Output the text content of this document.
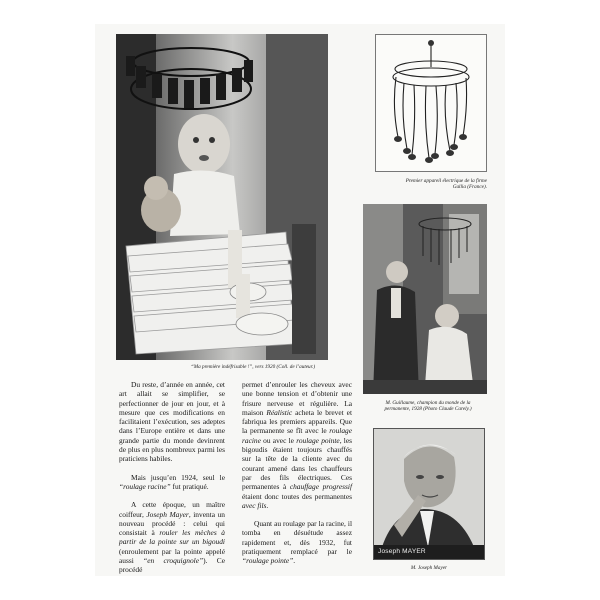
“Ma première indéfrisable !”, vers 1920 (Coll. de l’auteur.)
Premier appareil électrique de la firme
Gallia (France).
M. Guillaume, champion du monde de la
permanente, 1928 (Photo Claude Carely.)
Joseph MAYER
M. Joseph Mayer

Du reste, d’année en année, cet art allait se simplifier, se perfectionner de jour en jour, et à mesure que ces modifications en facilitaient l’exécution, ses adeptes dans l’Europe entière et dans une grande partie du monde devinrent de plus en plus nombreux parmi les praticiens habiles.

Mais jusqu’en 1924, seul le “roulage racine” fut pratiqué.

A cette époque, un maître coiffeur, Joseph Mayer, inventa un nouveau procédé : celui qui consistait à rouler les mèches à partir de la pointe sur un bigoudi (enroulement par la pointe appelé aussi “en croquignole”). Ce procédé

permet d’enrouler les cheveux avec une bonne tension et d’obtenir une frisure nerveuse et régulière. La maison Réalistic acheta le brevet et fabriqua les premiers appareils. Que la permanente se fît avec le roulage racine ou avec le roulage pointe, les bigoudis étaient toujours chauffés sur la tête de la cliente avec du courant amené dans les chauffeurs par des fils électriques. Ces permanentes à chauffage progressif étaient donc toutes des permanentes avec fils.

Quant au roulage par la racine, il tomba en désuétude assez rapidement et, dès 1932, fut pratiquement remplacé par le “roulage pointe”.
